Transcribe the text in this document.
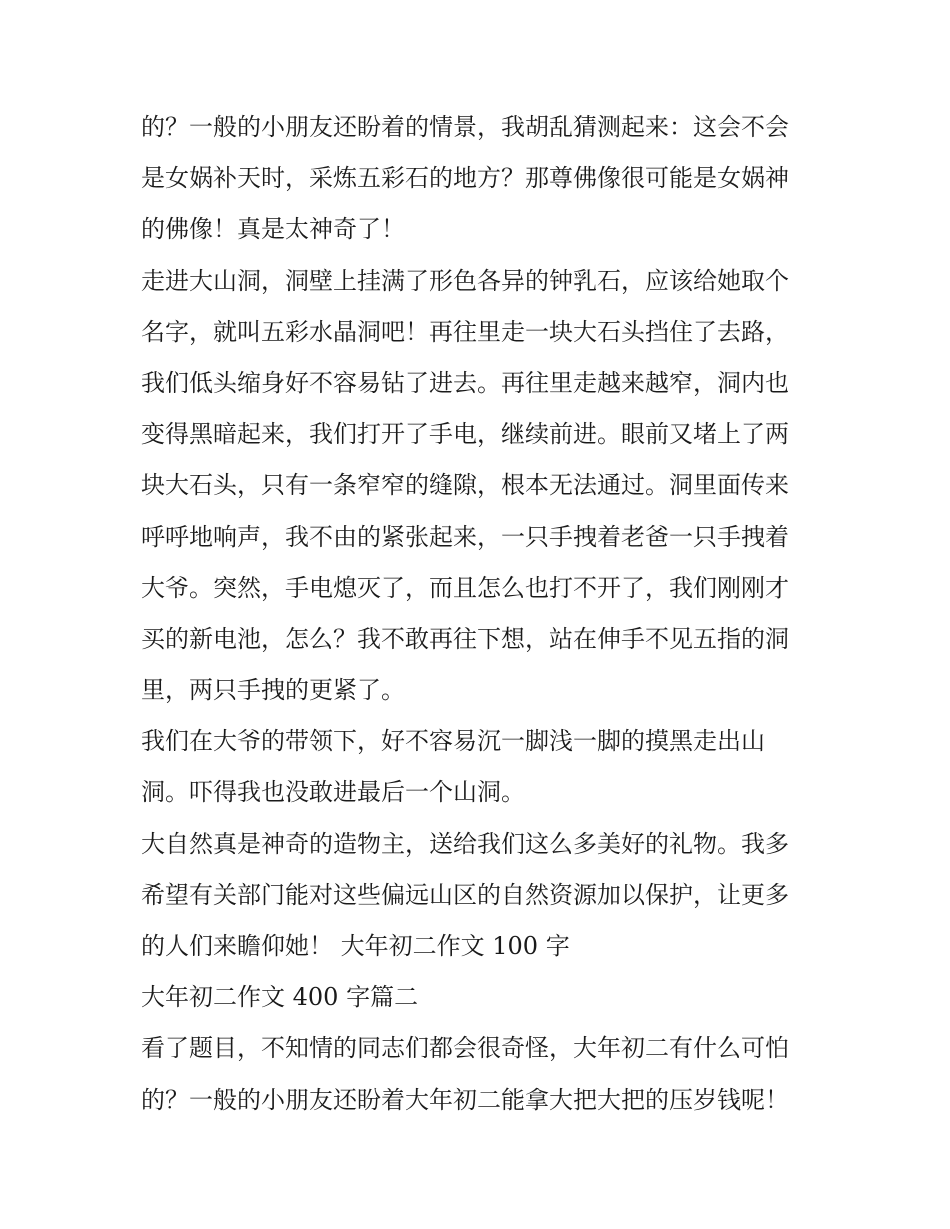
的？一般的小朋友还盼着的情景，我胡乱猜测起来：这会不会
是女娲补天时，采炼五彩石的地方？那尊佛像很可能是女娲神
的佛像！真是太神奇了！
走进大山洞，洞壁上挂满了形色各异的钟乳石，应该给她取个
名字，就叫五彩水晶洞吧！再往里走一块大石头挡住了去路，
我们低头缩身好不容易钻了进去。再往里走越来越窄，洞内也
变得黑暗起来，我们打开了手电，继续前进。眼前又堵上了两
块大石头，只有一条窄窄的缝隙，根本无法通过。洞里面传来
呼呼地响声，我不由的紧张起来，一只手拽着老爸一只手拽着
大爷。突然，手电熄灭了，而且怎么也打不开了，我们刚刚才
买的新电池，怎么？我不敢再往下想，站在伸手不见五指的洞
里，两只手拽的更紧了。
我们在大爷的带领下，好不容易沉一脚浅一脚的摸黑走出山
洞。吓得我也没敢进最后一个山洞。
大自然真是神奇的造物主，送给我们这么多美好的礼物。我多
希望有关部门能对这些偏远山区的自然资源加以保护，让更多
的人们来瞻仰她！ 大年初二作文 100 字
大年初二作文 400 字篇二
看了题目，不知情的同志们都会很奇怪，大年初二有什么可怕
的？一般的小朋友还盼着大年初二能拿大把大把的压岁钱呢！
